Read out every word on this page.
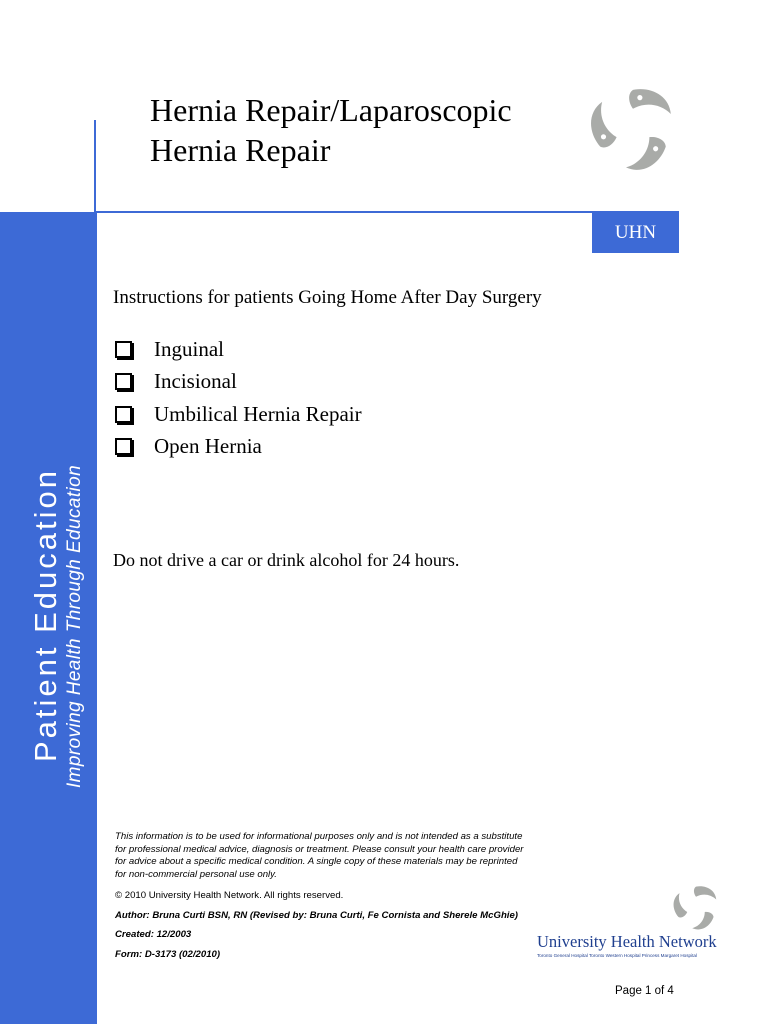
Patient Education Improving Health Through Education
Hernia Repair/Laparoscopic
Hernia Repair
UHN
Instructions for patients Going Home After Day Surgery
Inguinal
Incisional
Umbilical Hernia Repair
Open Hernia
Do not drive a car or drink alcohol for 24 hours.
This information is to be used for informational purposes only and is not intended as a substitute for professional medical advice, diagnosis or treatment. Please consult your health care provider for advice about a specific medical condition. A single copy of these materials may be reprinted for non-commercial personal use only.
© 2010 University Health Network. All rights reserved.
Author: Bruna Curti BSN, RN (Revised by: Bruna Curti, Fe Cornista and Sherele McGhie)
Created: 12/2003
Form: D-3173 (02/2010)
University Health Network
Toronto General Hospital Toronto Western Hospital Princess Margaret Hospital
Page 1 of 4
